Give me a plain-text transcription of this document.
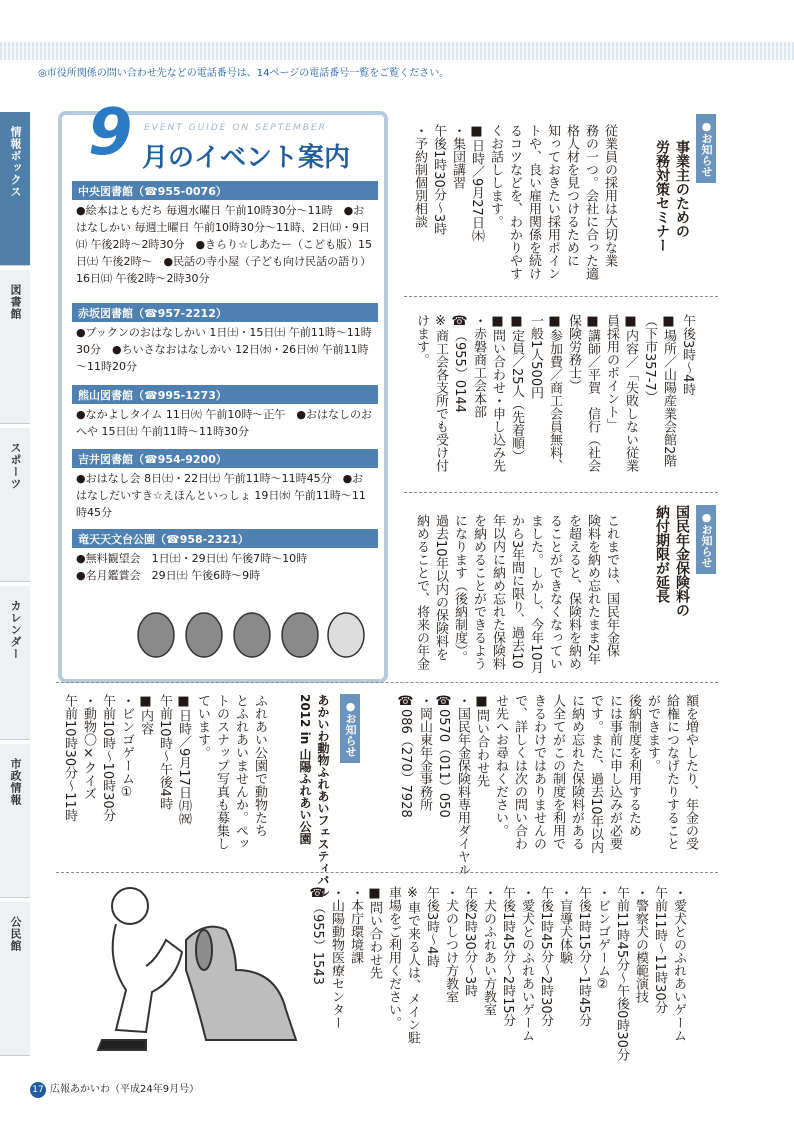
◎市役所関係の問い合わせ先などの電話番号は、14ページの電話番号一覧をご覧ください。
情報ボックス
図書館
スポーツ
カレンダー
市政情報
公民館
9 EVENT GUIDE ON SEPTEMBER
月のイベント案内
中央図書館（☎955-0076）
●絵本はともだち 毎週水曜日 午前10時30分～11時　●おはなしかい 毎週土曜日 午前10時30分～11時、2日㈰・9日㈰ 午後2時～2時30分　●きらり☆しあたー（こども版）15日㈯ 午後2時～　●民話の寺小屋（子ども向け民話の語り）16日㈰ 午後2時～2時30分
赤坂図書館（☎957-2212）
●ブックンのおはなしかい 1日㈯・15日㈯ 午前11時～11時30分　●ちいさなおはなしかい 12日㈬・26日㈬ 午前11時～11時20分
熊山図書館（☎995-1273）
●なかよしタイム 11日㈫ 午前10時～正午　●おはなしのおへや 15日㈯ 午前11時～11時30分
吉井図書館（☎954-9200）
●おはなし会 8日㈯・22日㈯ 午前11時～11時45分　●おはなしだいすき☆えほんといっしょ 19日㈬ 午前11時～11時45分
竜天天文台公園（☎958-2321）
●無料観望会　1日㈯・29日㈯ 午後7時～10時
●名月鑑賞会　29日㈯ 午後6時～9時
●お知らせ
事業主のための
労務対策セミナー
従業員の採用は大切な業
務の一つ。会社に合った適
格人材を見つけるために
知っておきたい採用ポイン
トや、良い雇用関係を続け
るコツなどを、わかりやす
くお話しします。
■日時／9月27日㈭
・集団講習
午後1時30分～3時
・予約制個別相談
午後3時～4時
■場所／山陽産業会館2階
（下市357-7）
■内容／「失敗しない従業
員採用のポイント」
■講師／平賀　信行（社会
保険労務士）
■参加費／商工会員無料、
一般1人500円
■定員／25人（先着順）
■問い合わせ・申し込み先
・赤磐商工会本部
☎（955）0144
※商工会各支所でも受け付
けます。
●お知らせ
国民年金保険料の
納付期限が延長
これまでは、国民年金保
険料を納め忘れたまま2年
を超えると、保険料を納め
ることができなくなってい
ました。しかし、今年10月
から3年間に限り、過去10
年以内に納め忘れた保険料
を納めることができるよう
になります（後納制度）。
過去10年以内の保険料を
納めることで、将来の年金
額を増やしたり、年金の受
給権につなげたりすること
ができます。
後納制度を利用するため
には事前に申し込みが必要
です。また、過去10年以内
に納め忘れた保険料がある
人全てがこの制度を利用で
きるわけではありませんの
で、詳しくは次の問い合わ
せ先へお尋ねください。
■問い合わせ先
・国民年金保険料専用ダイヤル
☎0570（011）050
・岡山東年金事務所
☎086（270）7928
●お知らせ
あかいわ動物ふれあいフェスティバル
2012 in 山陽ふれあい公園
ふれあい公園で動物たち
とふれあいませんか。ペッ
トのスナップ写真も募集し
ています。
■日時／9月17日㈪㈷
午前10時～午後4時
■内容
・ビンゴゲーム①
午前10時～10時30分
・動物〇×クイズ
午前10時30分～11時
・愛犬とのふれあいゲーム
午前11時～11時30分
・警察犬の模範演技
午前11時45分～午後0時30分
・ビンゴゲーム②
午後1時15分～1時45分
・盲導犬体験
午後1時45分～2時30分
・愛犬とのふれあいゲーム
午後1時45分～2時15分
・犬のふれあい方教室
午後2時30分～3時
・犬のしつけ方教室
午後3時～4時
※車で来る人は、メイン駐
車場をご利用ください。
■問い合わせ先
・本庁環境課
・山陽動物医療センター
☎（955）1543
17 広報あかいわ（平成24年9月号）
